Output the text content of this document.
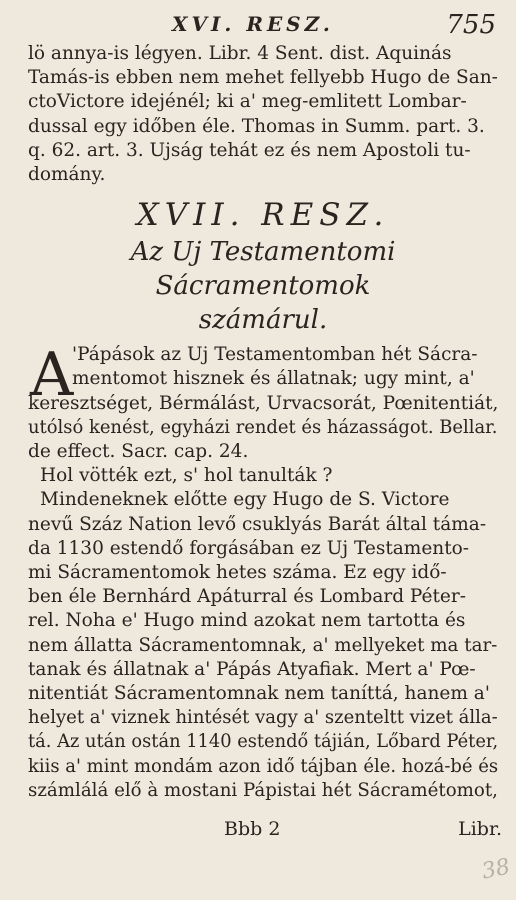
XVI. RESZ.	755
lö annya-is légyen. Libr. 4 Sent. dist. Aquinás
Tamás-is ebben nem mehet fellyebb Hugo de San-
ctoVictore idejénél; ki a' meg-emlitett Lombar-
dussal egy időben éle. Thomas in Summ. part. 3.
q. 62. art. 3. Ujság tehát ez és nem Apostoli tu-
domány.
XVII. RESZ.
Az Uj Testamentomi Sácramentomok
számárul.
A
'Pápások az Uj Testamentomban hét Sácra-
mentomot hisznek és állatnak; ugy mint, a'
keresztséget, Bérmálást, Urvacsorát, Pœnitentiát,
utólsó kenést, egyházi rendet és házasságot. Bellar.
de effect. Sacr. cap. 24.
Hol vötték ezt, s' hol tanulták ?
Mindeneknek előtte egy Hugo de S. Victore
nevű Száz Nation levő csuklyás Barát által táma-
da 1130 estendő forgásában ez Uj Testamento-
mi Sácramentomok hetes száma. Ez egy idő-
ben éle Bernhárd Apáturral és Lombard Péter-
rel. Noha e' Hugo mind azokat nem tartotta és
nem állatta Sácramentomnak, a' mellyeket ma tar-
tanak és állatnak a' Pápás Atyafiak. Mert a' Pœ-
nitentiát Sácramentomnak nem taníttá, hanem a'
helyet a' viznek hintését vagy a' szenteltt vizet álla-
tá. Az után ostán 1140 estendő tájián, Lőbard Péter,
kiis a' mint mondám azon idő tájban éle. hozá-bé és
számlálá elő à mostani Pápistai hét Sácramétomot,
Bbb 2	Libr.
38
